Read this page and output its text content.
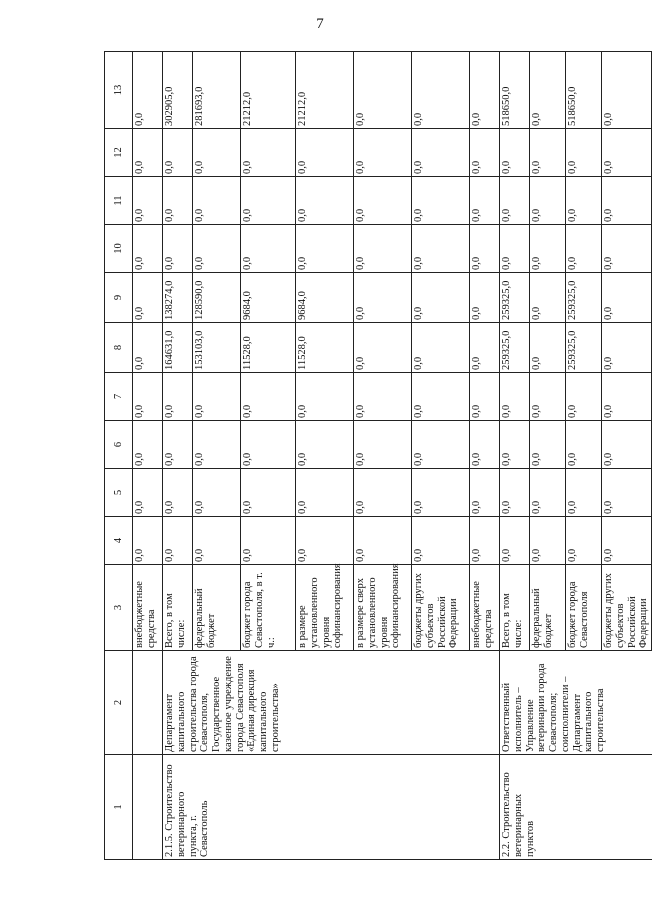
7
1	2	3	4	5	6	7	8	9	10	11	12	13
		внебюджетные средства	0,0	0,0	0,0	0,0	0,0	0,0	0,0	0,0	0,0	0,0
2.1.5. Строительство ветеринарного пункта, г. Севастополь	Департамент капитального строительства города Севастополя, Государственное казенное учреждение города Севастополя «Единая дирекция капитального строительства»	Всего, в том числе:	0,0	0,0	0,0	0,0	164631,0	138274,0	0,0	0,0	0,0	302905,0
		федеральный бюджет	0,0	0,0	0,0	0,0	153103,0	128590,0	0,0	0,0	0,0	281693,0
		бюджет города Севастополя, в т. ч.:	0,0	0,0	0,0	0,0	11528,0	9684,0	0,0	0,0	0,0	21212,0
		в размере установленного уровня софинансирования	0,0	0,0	0,0	0,0	11528,0	9684,0	0,0	0,0	0,0	21212,0
		в размере сверх установленного уровня софинансирования	0,0	0,0	0,0	0,0	0,0	0,0	0,0	0,0	0,0	0,0
		бюджеты других субъектов Российской Федерации	0,0	0,0	0,0	0,0	0,0	0,0	0,0	0,0	0,0	0,0
		внебюджетные средства	0,0	0,0	0,0	0,0	0,0	0,0	0,0	0,0	0,0	0,0
2.2. Строительство ветеринарных пунктов	Ответственный исполнитель – Управление ветеринарии города Севастополя; соисполнители – Департамент капитального строительства	Всего, в том числе:	0,0	0,0	0,0	0,0	259325,0	259325,0	0,0	0,0	0,0	518650,0
		федеральный бюджет	0,0	0,0	0,0	0,0	0,0	0,0	0,0	0,0	0,0	0,0
		бюджет города Севастополя	0,0	0,0	0,0	0,0	259325,0	259325,0	0,0	0,0	0,0	518650,0
		бюджеты других субъектов Российской Федерации	0,0	0,0	0,0	0,0	0,0	0,0	0,0	0,0	0,0	0,0
